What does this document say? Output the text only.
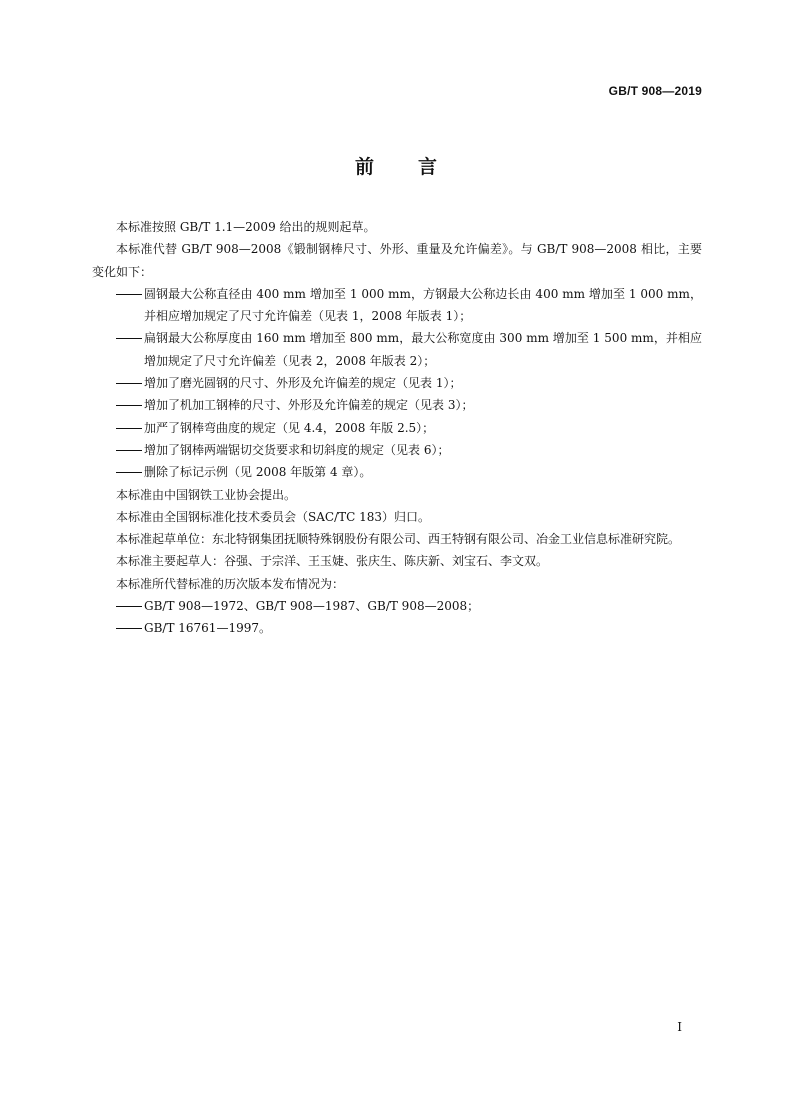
GB/T 908—2019
前 言

本标准按照 GB/T 1.1—2009 给出的规则起草。

本标准代替 GB/T 908—2008《锻制钢棒尺寸、外形、重量及允许偏差》。与 GB/T 908—2008 相比，主要变化如下：

圆钢最大公称直径由 400 mm 增加至 1 000 mm，方钢最大公称边长由 400 mm 增加至 1 000 mm，并相应增加规定了尺寸允许偏差（见表 1，2008 年版表 1）；

扁钢最大公称厚度由 160 mm 增加至 800 mm，最大公称宽度由 300 mm 增加至 1 500 mm，并相应增加规定了尺寸允许偏差（见表 2，2008 年版表 2）；

增加了磨光圆钢的尺寸、外形及允许偏差的规定（见表 1）；

增加了机加工钢棒的尺寸、外形及允许偏差的规定（见表 3）；

加严了钢棒弯曲度的规定（见 4.4，2008 年版 2.5）；

增加了钢棒两端锯切交货要求和切斜度的规定（见表 6）；

删除了标记示例（见 2008 年版第 4 章）。

本标准由中国钢铁工业协会提出。

本标准由全国钢标准化技术委员会（SAC/TC 183）归口。

本标准起草单位：东北特钢集团抚顺特殊钢股份有限公司、西王特钢有限公司、冶金工业信息标准研究院。

本标准主要起草人：谷强、于宗洋、王玉婕、张庆生、陈庆新、刘宝石、李文双。

本标准所代替标准的历次版本发布情况为：

GB/T 908—1972、GB/T 908—1987、GB/T 908—2008；

GB/T 16761—1997。

I
